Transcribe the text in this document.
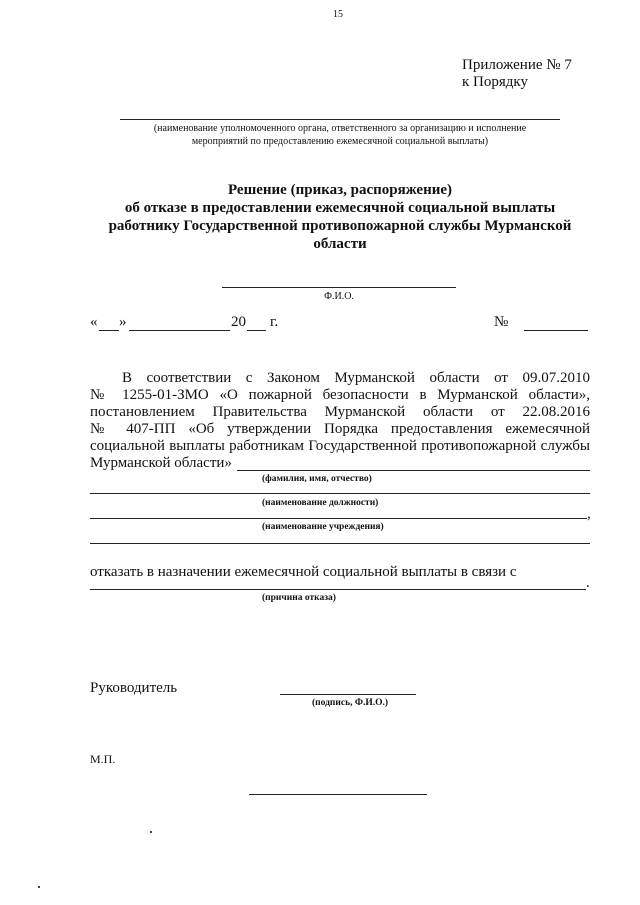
15
Приложение № 7
к Порядку
(наименование уполномоченного органа, ответственного за организацию и исполнение
мероприятий по предоставлению ежемесячной социальной выплаты)
Решение (приказ, распоряжение)
об отказе в предоставлении ежемесячной социальной выплаты
работнику Государственной противопожарной службы Мурманской
области
Ф.И.О.
« »	20 г.	№
В соответствии с Законом Мурманской области от 09.07.2010
№ 1255-01-ЗМО «О пожарной безопасности в Мурманской области»,
постановлением Правительства Мурманской области от 22.08.2016
№ 407-ПП «Об утверждении Порядка предоставления ежемесячной
социальной выплаты работникам Государственной противопожарной службы
Мурманской области»
(фамилия, имя, отчество)
(наименование должности)
,
(наименование учреждения)
отказать в назначении ежемесячной социальной выплаты в связи с
.
(причина отказа)
Руководитель
(подпись, Ф.И.О.)
М.П.
